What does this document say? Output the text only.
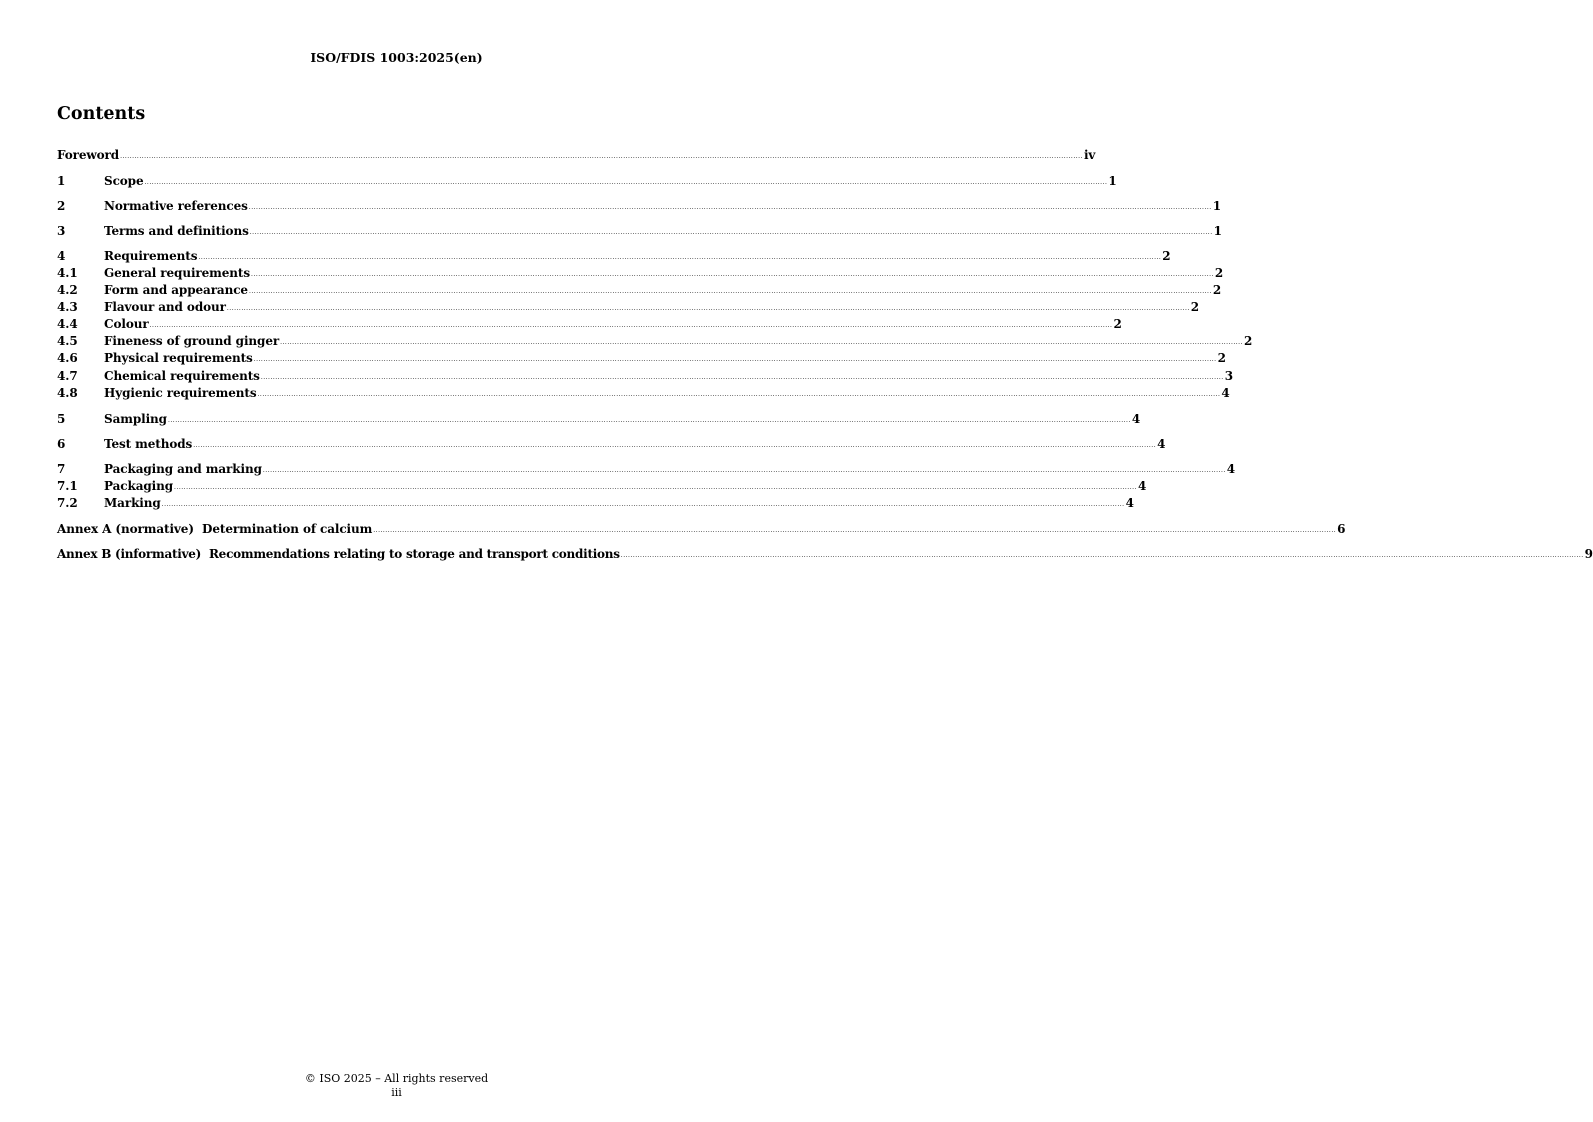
ISO/FDIS 1003:2025(en)
Contents
Foreword ................................................................................................................................................................................................................................................................................................................................................................................................................ iv
1	Scope ................................................................................................................................................................................................................................................................................................................................................................................................................ 1
2	Normative references ................................................................................................................................................................................................................................................................................................................................................................................................................ 1
3	Terms and definitions ................................................................................................................................................................................................................................................................................................................................................................................................................ 1
4	Requirements ................................................................................................................................................................................................................................................................................................................................................................................................................ 2
4.1	General requirements ................................................................................................................................................................................................................................................................................................................................................................................................................ 2
4.2	Form and appearance ................................................................................................................................................................................................................................................................................................................................................................................................................ 2
4.3	Flavour and odour ................................................................................................................................................................................................................................................................................................................................................................................................................ 2
4.4	Colour ................................................................................................................................................................................................................................................................................................................................................................................................................ 2
4.5	Fineness of ground ginger ................................................................................................................................................................................................................................................................................................................................................................................................................ 2
4.6	Physical requirements ................................................................................................................................................................................................................................................................................................................................................................................................................ 2
4.7	Chemical requirements ................................................................................................................................................................................................................................................................................................................................................................................................................ 3
4.8	Hygienic requirements ................................................................................................................................................................................................................................................................................................................................................................................................................ 4
5	Sampling ................................................................................................................................................................................................................................................................................................................................................................................................................ 4
6	Test methods ................................................................................................................................................................................................................................................................................................................................................................................................................ 4
7	Packaging and marking ................................................................................................................................................................................................................................................................................................................................................................................................................ 4
7.1	Packaging ................................................................................................................................................................................................................................................................................................................................................................................................................ 4
7.2	Marking ................................................................................................................................................................................................................................................................................................................................................................................................................ 4
Annex A (normative)  Determination of calcium ................................................................................................................................................................................................................................................................................................................................................................................................................ 6
Annex B (informative)  Recommendations relating to storage and transport conditions ................................................................................................................................................................................................................................................................................................................................................................................................................ 9
© ISO 2025 – All rights reserved
iii
